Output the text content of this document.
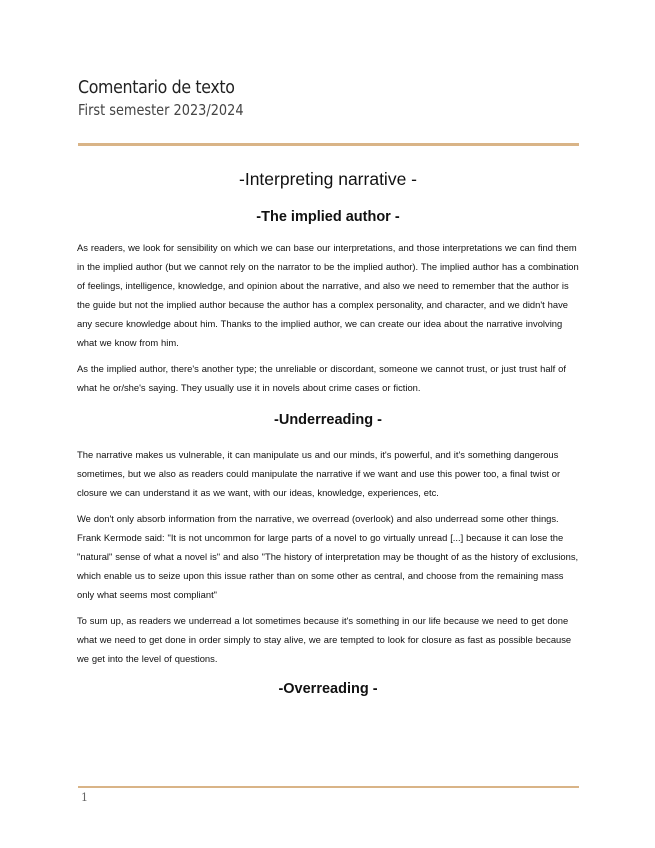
Comentario de texto
First semester 2023/2024
-Interpreting narrative -
-The implied author -

As readers, we look for sensibility on which we can base our interpretations, and those interpretations we can find them in the implied author (but we cannot rely on the narrator to be the implied author). The implied author has a combination of feelings, intelligence, knowledge, and opinion about the narrative, and also we need to remember that the author is the guide but not the implied author because the author has a complex personality, and character, and we didn't have any secure knowledge about him. Thanks to the implied author, we can create our idea about the narrative involving what we know from him.

As the implied author, there's another type; the unreliable or discordant, someone we cannot trust, or just trust half of what he or/she's saying. They usually use it in novels about crime cases or fiction.

-Underreading -

The narrative makes us vulnerable, it can manipulate us and our minds, it's powerful, and it's something dangerous sometimes, but we also as readers could manipulate the narrative if we want and use this power too, a final twist or closure we can understand it as we want, with our ideas, knowledge, experiences, etc.

We don't only absorb information from the narrative, we overread (overlook) and also underread some other things. Frank Kermode said: "It is not uncommon for large parts of a novel to go virtually unread [...] because it can lose the "natural" sense of what a novel is" and also "The history of interpretation may be thought of as the history of exclusions, which enable us to seize upon this issue rather than on some other as central, and choose from the remaining mass only what seems most compliant"

To sum up, as readers we underread a lot sometimes because it's something in our life because we need to get done what we need to get done in order simply to stay alive, we are tempted to look for closure as fast as possible because we get into the level of questions.

-Overreading -
1
